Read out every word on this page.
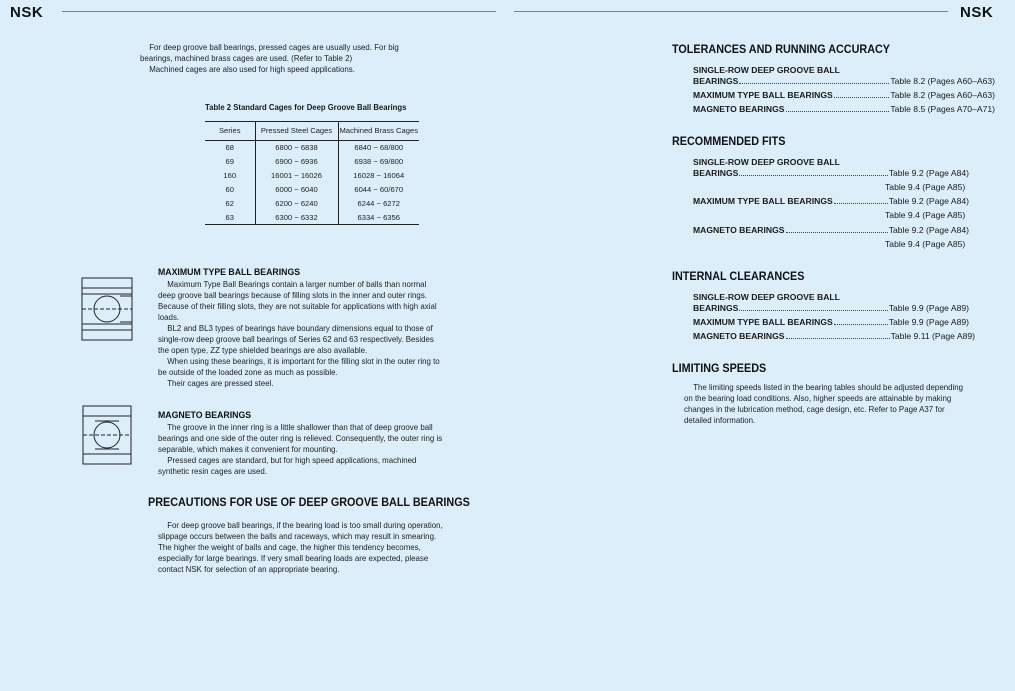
NSK	NSK

For deep groove ball bearings, pressed cages are usually used. For big

bearings, machined brass cages are used. (Refer to Table 2)

Machined cages are also used for high speed applications.

Table 2 Standard Cages for Deep Groove Ball Bearings
Series	Pressed Steel Cages	Machined Brass Cages
68	6800 ~ 6838	6840 ~ 68/800
69	6900 ~ 6936	6938 ~ 69/800
160	16001 ~ 16026	16028 ~ 16064
60	6000 ~ 6040	6044 ~ 60/670
62	6200 ~ 6240	6244 ~ 6272
63	6300 ~ 6332	6334 ~ 6356
MAXIMUM TYPE BALL BEARINGS

Maximum Type Ball Bearings contain a larger number of balls than normal

deep groove ball bearings because of filling slots in the inner and outer rings.

Because of their filling slots, they are not suitable for applications with high axial

loads.

BL2 and BL3 types of bearings have boundary dimensions equal to those of

single-row deep groove ball bearings of Series 62 and 63 respectively. Besides

the open type, ZZ type shielded bearings are also available.

When using these bearings, it is important for the filling slot in the outer ring to

be outside of the loaded zone as much as possible.

Their cages are pressed steel.

MAGNETO BEARINGS

The groove in the inner ring is a little shallower than that of deep groove ball

bearings and one side of the outer ring is relieved. Consequently, the outer ring is

separable, which makes it convenient for mounting.

Pressed cages are standard, but for high speed applications, machined

synthetic resin cages are used.

PRECAUTIONS FOR USE OF DEEP GROOVE BALL BEARINGS

For deep groove ball bearings, if the bearing load is too small during operation,

slippage occurs between the balls and raceways, which may result in smearing.

The higher the weight of balls and cage, the higher this tendency becomes,

especially for large bearings. If very small bearing loads are expected, please

contact NSK for selection of an appropriate bearing.

TOLERANCES AND RUNNING ACCURACY
SINGLE-ROW DEEP GROOVE BALL
BEARINGS	Table 8.2 (Pages A60–A63)
MAXIMUM TYPE BALL BEARINGS	Table 8.2 (Pages A60–A63)
MAGNETO BEARINGS	Table 8.5 (Pages A70–A71)
RECOMMENDED FITS
SINGLE-ROW DEEP GROOVE BALL
BEARINGS	Table 9.2 (Page A84)
Table 9.4 (Page A85)
MAXIMUM TYPE BALL BEARINGS	Table 9.2 (Page A84)
Table 9.4 (Page A85)
MAGNETO BEARINGS	Table 9.2 (Page A84)
Table 9.4 (Page A85)
INTERNAL CLEARANCES
SINGLE-ROW DEEP GROOVE BALL
BEARINGS	Table 9.9 (Page A89)
MAXIMUM TYPE BALL BEARINGS	Table 9.9 (Page A89)
MAGNETO BEARINGS	Table 9.11 (Page A89)
LIMITING SPEEDS

The limiting speeds listed in the bearing tables should be adjusted depending

on the bearing load conditions. Also, higher speeds are attainable by making

changes in the lubrication method, cage design, etc. Refer to Page A37 for

detailed information.
